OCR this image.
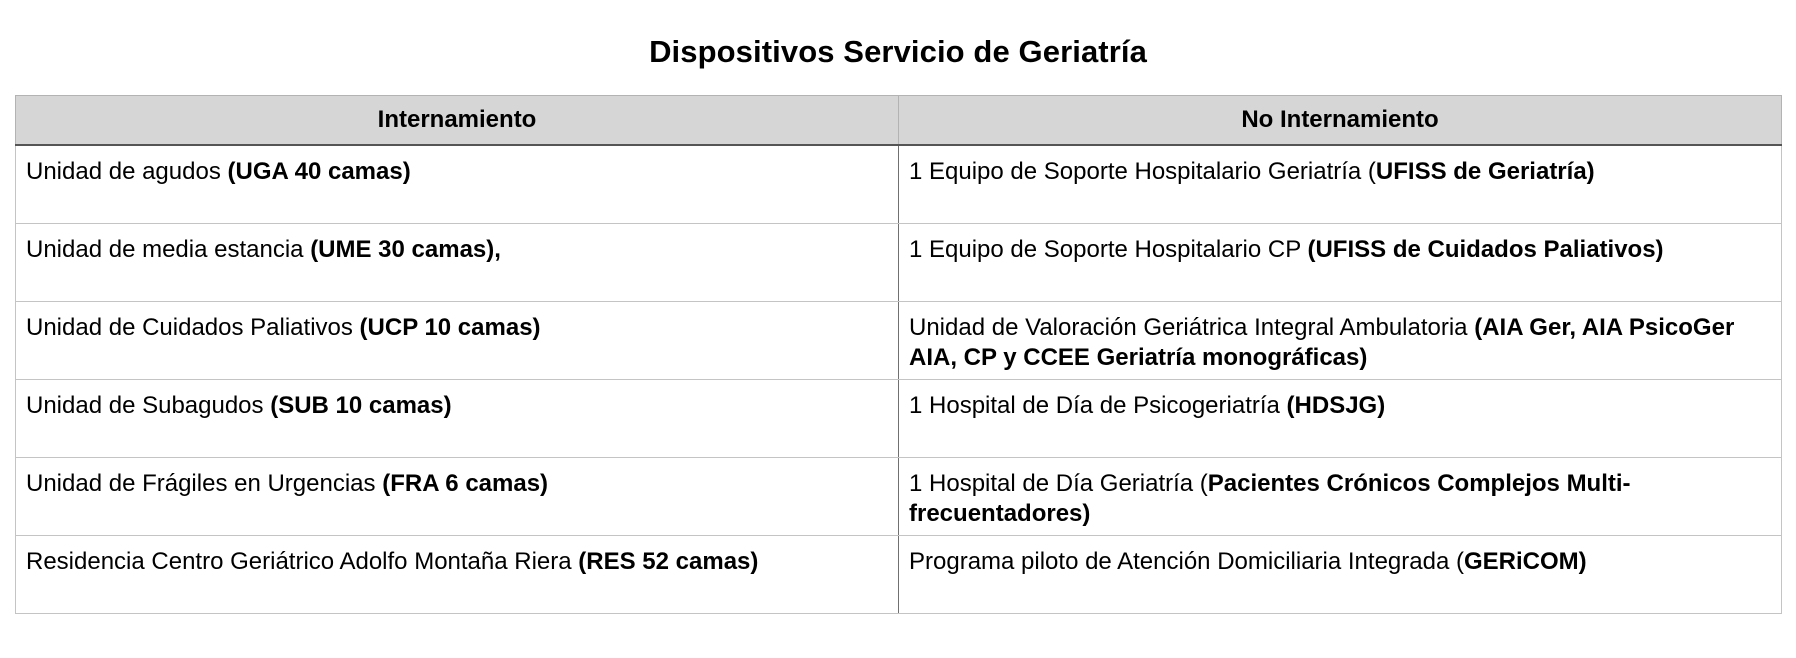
Dispositivos Servicio de Geriatría
Internamiento	No Internamiento
Unidad de agudos (UGA 40 camas)	1 Equipo de Soporte Hospitalario Geriatría (UFISS de Geriatría)
Unidad de media estancia (UME 30 camas),	1 Equipo de Soporte Hospitalario CP (UFISS de Cuidados Paliativos)
Unidad de Cuidados Paliativos (UCP 10 camas)	Unidad de Valoración Geriátrica Integral Ambulatoria (AIA Ger, AIA PsicoGer AIA, CP y CCEE Geriatría monográficas)
Unidad de Subagudos (SUB 10 camas)	1 Hospital de Día de Psicogeriatría (HDSJG)
Unidad de Frágiles en Urgencias (FRA 6 camas)	1 Hospital de Día Geriatría (Pacientes Crónicos Complejos Multi-frecuentadores)
Residencia Centro Geriátrico Adolfo Montaña Riera (RES 52 camas)	Programa piloto de Atención Domiciliaria Integrada (GERiCOM)
